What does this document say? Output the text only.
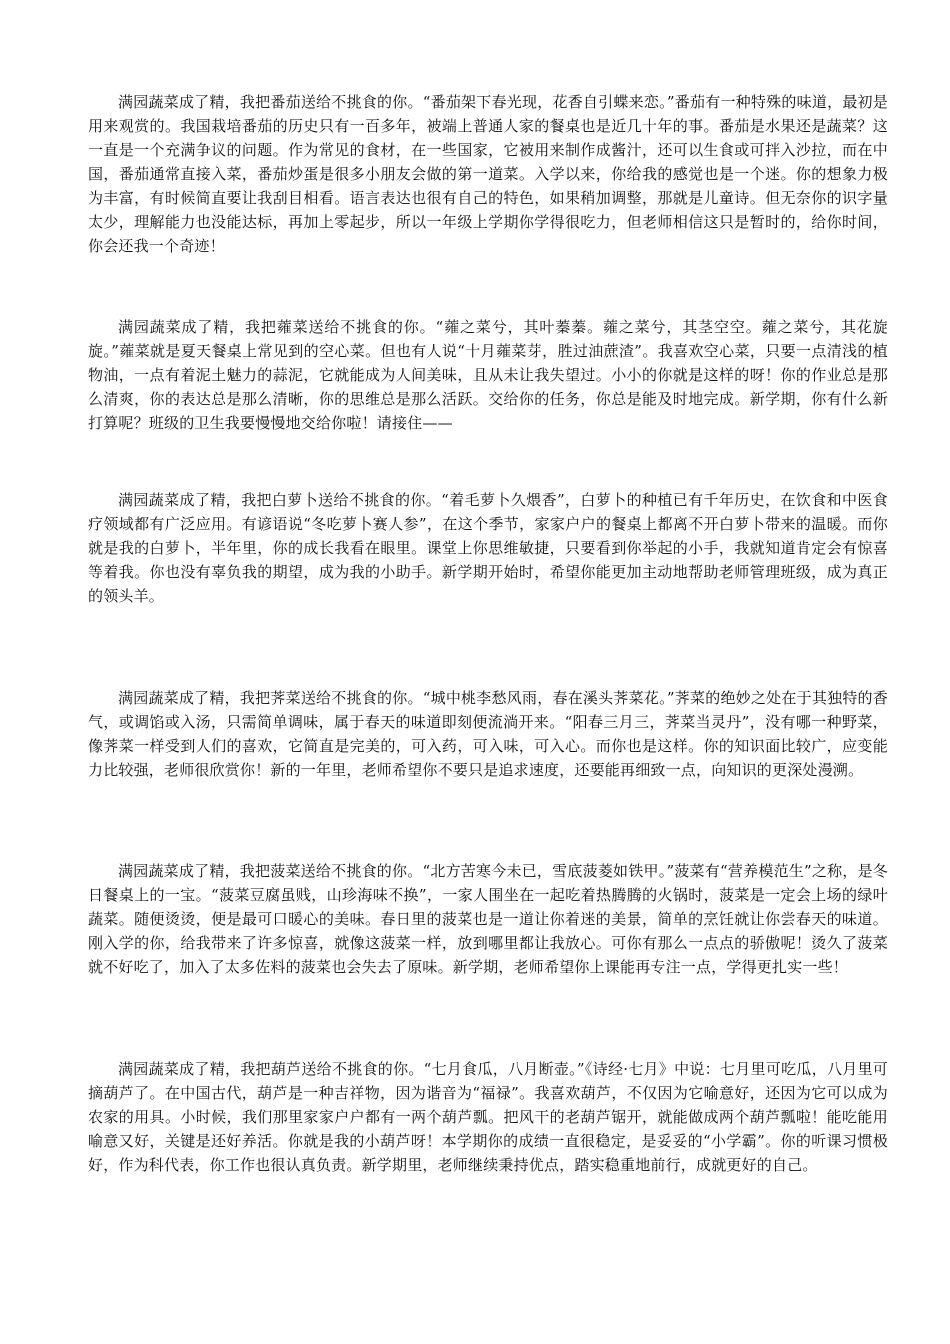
满园蔬菜成了精，我把番茄送给不挑食的你。“番茄架下春光现，花香自引蝶来恋。”番茄有一种特殊的味道，最初是用来观赏的。我国栽培番茄的历史只有一百多年，被端上普通人家的餐桌也是近几十年的事。番茄是水果还是蔬菜？这一直是一个充满争议的问题。作为常见的食材，在一些国家，它被用来制作成酱汁，还可以生食或可拌入沙拉，而在中国，番茄通常直接入菜，番茄炒蛋是很多小朋友会做的第一道菜。入学以来，你给我的感觉也是一个迷。你的想象力极为丰富，有时候简直要让我刮目相看。语言表达也很有自己的特色，如果稍加调整，那就是儿童诗。但无奈你的识字量太少，理解能力也没能达标，再加上零起步，所以一年级上学期你学得很吃力，但老师相信这只是暂时的，给你时间，你会还我一个奇迹！

满园蔬菜成了精，我把蕹菜送给不挑食的你。“蕹之菜兮，其叶蓁蓁。蕹之菜兮，其茎空空。蕹之菜兮，其花旋旋。”蕹菜就是夏天餐桌上常见到的空心菜。但也有人说“十月蕹菜芽，胜过油蔗渣”。我喜欢空心菜，只要一点清浅的植物油，一点有着泥土魅力的蒜泥，它就能成为人间美味，且从未让我失望过。小小的你就是这样的呀！你的作业总是那么清爽，你的表达总是那么清晰，你的思维总是那么活跃。交给你的任务，你总是能及时地完成。新学期，你有什么新打算呢？班级的卫生我要慢慢地交给你啦！请接住——

满园蔬菜成了精，我把白萝卜送给不挑食的你。“着毛萝卜久煨香”，白萝卜的种植已有千年历史，在饮食和中医食疗领域都有广泛应用。有谚语说“冬吃萝卜赛人参”，在这个季节，家家户户的餐桌上都离不开白萝卜带来的温暖。而你就是我的白萝卜，半年里，你的成长我看在眼里。课堂上你思维敏捷，只要看到你举起的小手，我就知道肯定会有惊喜等着我。你也没有辜负我的期望，成为我的小助手。新学期开始时，希望你能更加主动地帮助老师管理班级，成为真正的领头羊。

满园蔬菜成了精，我把荠菜送给不挑食的你。“城中桃李愁风雨，春在溪头荠菜花。”荠菜的绝妙之处在于其独特的香气，或调馅或入汤，只需简单调味，属于春天的味道即刻便流淌开来。“阳春三月三，荠菜当灵丹”，没有哪一种野菜，像荠菜一样受到人们的喜欢，它简直是完美的，可入药，可入味，可入心。而你也是这样。你的知识面比较广，应变能力比较强，老师很欣赏你！新的一年里，老师希望你不要只是追求速度，还要能再细致一点，向知识的更深处漫溯。

满园蔬菜成了精，我把菠菜送给不挑食的你。“北方苦寒今未已，雪底菠菱如铁甲。”菠菜有“营养模范生”之称，是冬日餐桌上的一宝。“菠菜豆腐虽贱，山珍海味不换”，一家人围坐在一起吃着热腾腾的火锅时，菠菜是一定会上场的绿叶蔬菜。随便烫烫，便是最可口暖心的美味。春日里的菠菜也是一道让你着迷的美景，简单的烹饪就让你尝春天的味道。刚入学的你，给我带来了许多惊喜，就像这菠菜一样，放到哪里都让我放心。可你有那么一点点的骄傲呢！烫久了菠菜就不好吃了，加入了太多佐料的菠菜也会失去了原味。新学期，老师希望你上课能再专注一点，学得更扎实一些！

满园蔬菜成了精，我把葫芦送给不挑食的你。“七月食瓜，八月断壶。”《诗经·七月》中说：七月里可吃瓜，八月里可摘葫芦了。在中国古代，葫芦是一种吉祥物，因为谐音为“福禄”。我喜欢葫芦，不仅因为它喻意好，还因为它可以成为农家的用具。小时候，我们那里家家户户都有一两个葫芦瓢。把风干的老葫芦锯开，就能做成两个葫芦瓢啦！能吃能用喻意又好，关键是还好养活。你就是我的小葫芦呀！本学期你的成绩一直很稳定，是妥妥的“小学霸”。你的听课习惯极好，作为科代表，你工作也很认真负责。新学期里，老师继续秉持优点，踏实稳重地前行，成就更好的自己。
